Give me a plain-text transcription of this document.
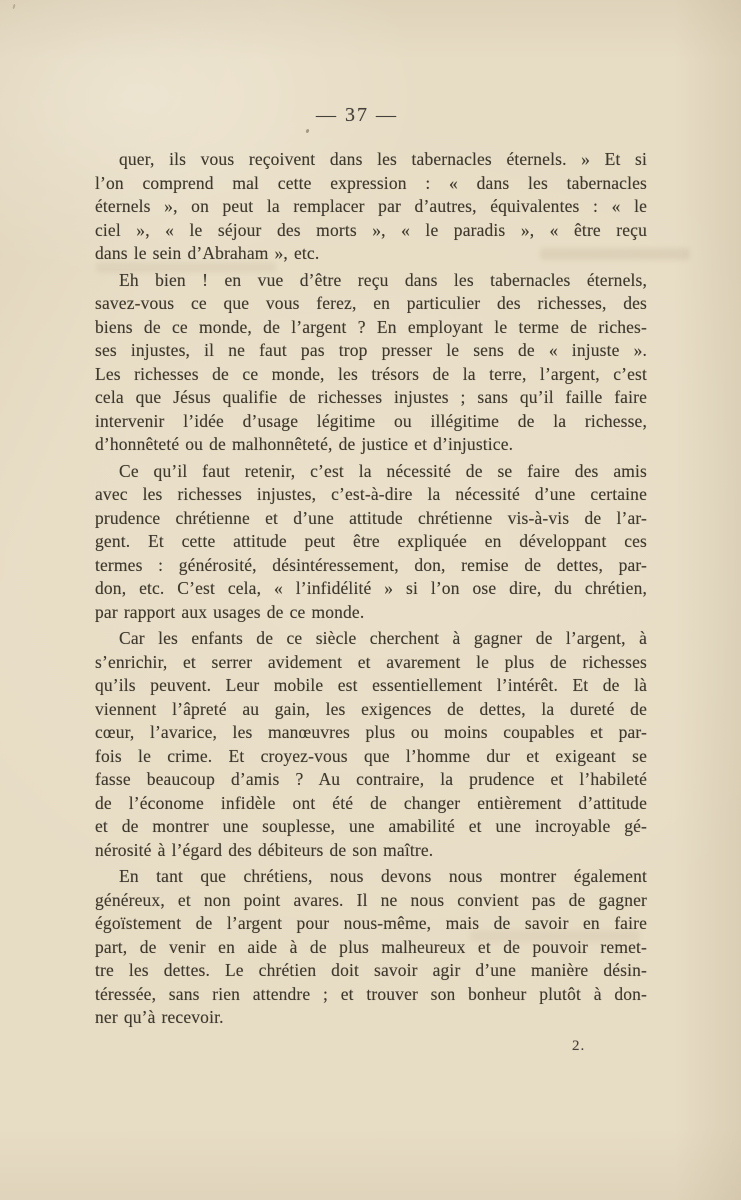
— 37 —
quer, ils vous reçoivent dans les tabernacles éternels. » Et si
l’on comprend mal cette expression : « dans les tabernacles
éternels », on peut la remplacer par d’autres, équivalentes : « le
ciel », « le séjour des morts », « le paradis », « être reçu
dans le sein d’Abraham », etc.
Eh bien ! en vue d’être reçu dans les tabernacles éternels,
savez-vous ce que vous ferez, en particulier des richesses, des
biens de ce monde, de l’argent ? En employant le terme de riches-
ses injustes, il ne faut pas trop presser le sens de « injuste ».
Les richesses de ce monde, les trésors de la terre, l’argent, c’est
cela que Jésus qualifie de richesses injustes ; sans qu’il faille faire
intervenir l’idée d’usage légitime ou illégitime de la richesse,
d’honnêteté ou de malhonnêteté, de justice et d’injustice.
Ce qu’il faut retenir, c’est la nécessité de se faire des amis
avec les richesses injustes, c’est-à-dire la nécessité d’une certaine
prudence chrétienne et d’une attitude chrétienne vis-à-vis de l’ar-
gent. Et cette attitude peut être expliquée en développant ces
termes : générosité, désintéressement, don, remise de dettes, par-
don, etc. C’est cela, « l’infidélité » si l’on ose dire, du chrétien,
par rapport aux usages de ce monde.
Car les enfants de ce siècle cherchent à gagner de l’argent, à
s’enrichir, et serrer avidement et avarement le plus de richesses
qu’ils peuvent. Leur mobile est essentiellement l’intérêt. Et de là
viennent l’âpreté au gain, les exigences de dettes, la dureté de
cœur, l’avarice, les manœuvres plus ou moins coupables et par-
fois le crime. Et croyez-vous que l’homme dur et exigeant se
fasse beaucoup d’amis ? Au contraire, la prudence et l’habileté
de l’économe infidèle ont été de changer entièrement d’attitude
et de montrer une souplesse, une amabilité et une incroyable gé-
nérosité à l’égard des débiteurs de son maître.
En tant que chrétiens, nous devons nous montrer également
généreux, et non point avares. Il ne nous convient pas de gagner
égoïstement de l’argent pour nous-même, mais de savoir en faire
part, de venir en aide à de plus malheureux et de pouvoir remet-
tre les dettes. Le chrétien doit savoir agir d’une manière désin-
téressée, sans rien attendre ; et trouver son bonheur plutôt à don-
ner qu’à recevoir.
2.
